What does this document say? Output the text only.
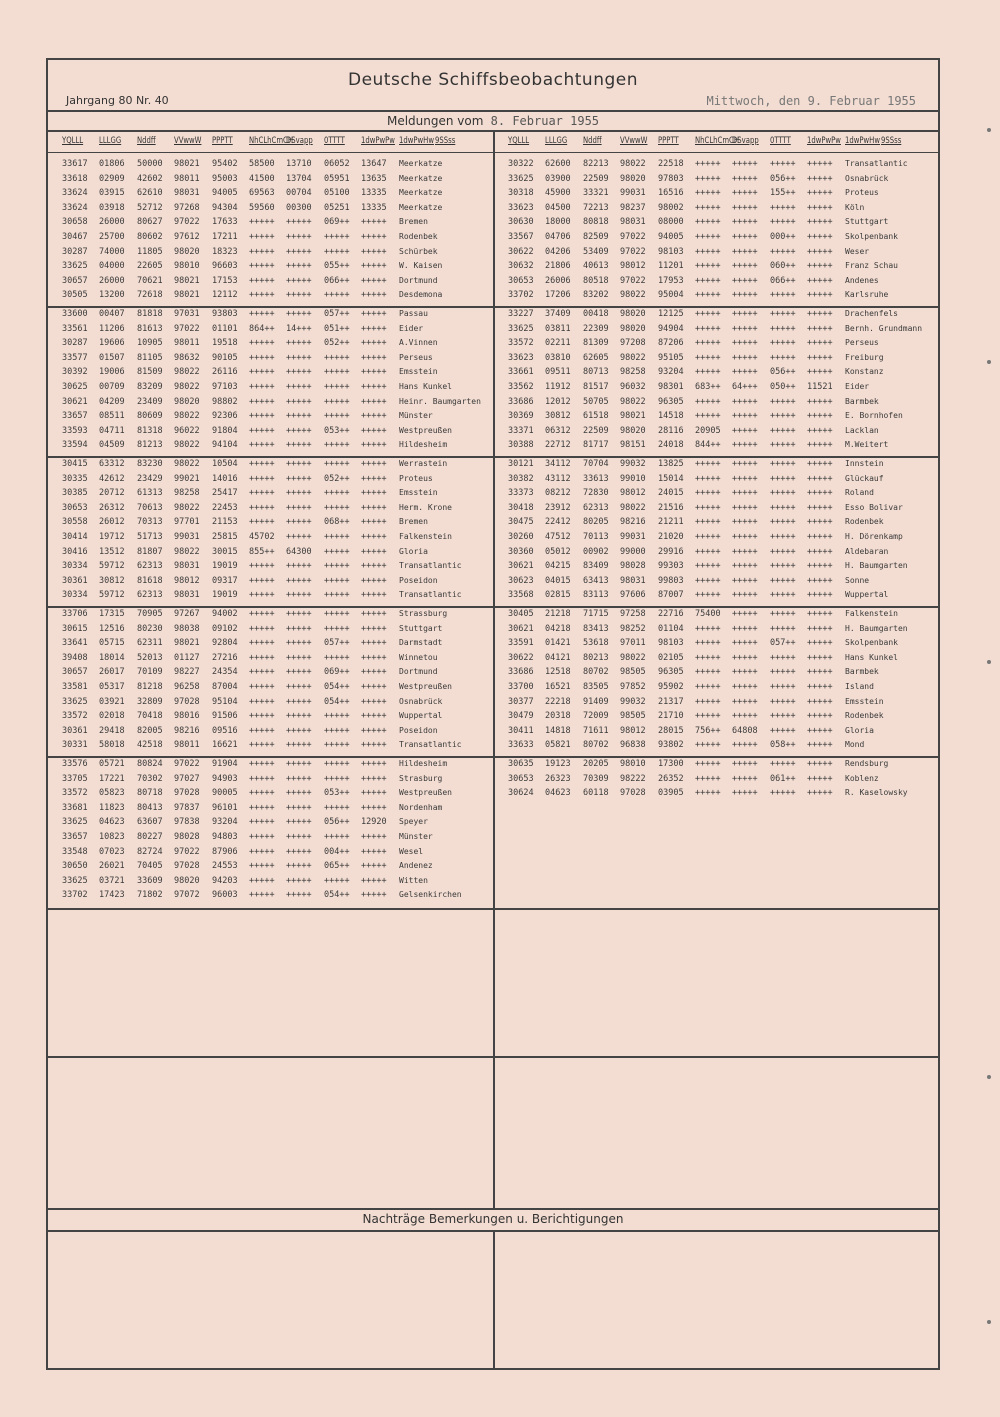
Deutsche Schiffsbeobachtungen
Jahrgang 80 Nr. 40	Mittwoch, den 9. Februar 1955
Meldungen vom 8. Februar 1955
Nachträge Bemerkungen u. Berichtigungen
YQLLL LLLGG Nddff VVwwW PPPTT NhCLhCmCH
DSvapp 0TTTT 1dwPwPw 1dwPwHw 9SSss	YQLLL LLLGG Nddff VVwwW PPPTT NhCLhCmCH
DSvapp 0TTTT 1dwPwPw 1dwPwHw 9SSss
33617 01806 50000 98021 95402 58500 13710 06052 13647 Meerkatze
33618 02909 42602 98011 95003 41500 13704 05951 13635 Meerkatze
33624 03915 62610 98031 94005 69563 00704 05100 13335 Meerkatze
33624 03918 52712 97268 94304 59560 00300 05251 13335 Meerkatze
30658 26000 80627 97022 17633 +++++ +++++ 069++ +++++ Bremen
30467 25700 80602 97612 17211 +++++ +++++ +++++ +++++ Rodenbek
30287 74000 11805 98020 18323 +++++ +++++ +++++ +++++ Schürbek
33625 04000 22605 98010 96603 +++++ +++++ 055++ +++++ W. Kaisen
30657 26000 70621 98021 17153 +++++ +++++ 066++ +++++ Dortmund
30505 13200 72618 98021 12112 +++++ +++++ +++++ +++++ Desdemona
33600 00407 81818 97031 93803 +++++ +++++ 057++ +++++ Passau
33561 11206 81613 97022 01101 864++ 14+++ 051++ +++++ Eider
30287 19606 10905 98011 19518 +++++ +++++ 052++ +++++ A.Vinnen
33577 01507 81105 98632 90105 +++++ +++++ +++++ +++++ Perseus
30392 19006 81509 98022 26116 +++++ +++++ +++++ +++++ Emsstein
30625 00709 83209 98022 97103 +++++ +++++ +++++ +++++ Hans Kunkel
30621 04209 23409 98020 98802 +++++ +++++ +++++ +++++ Heinr. Baumgarten
33657 08511 80609 98022 92306 +++++ +++++ +++++ +++++ Münster
33593 04711 81318 96022 91804 +++++ +++++ 053++ +++++ Westpreußen
33594 04509 81213 98022 94104 +++++ +++++ +++++ +++++ Hildesheim
30415 63312 83230 98022 10504 +++++ +++++ +++++ +++++ Werrastein
30335 42612 23429 99021 14016 +++++ +++++ 052++ +++++ Proteus
30385 20712 61313 98258 25417 +++++ +++++ +++++ +++++ Emsstein
30653 26312 70613 98022 22453 +++++ +++++ +++++ +++++ Herm. Krone
30558 26012 70313 97701 21153 +++++ +++++ 068++ +++++ Bremen
30414 19712 51713 99031 25815 45702 +++++ +++++ +++++ Falkenstein
30416 13512 81807 98022 30015 855++ 64300 +++++ +++++ Gloria
30334 59712 62313 98031 19019 +++++ +++++ +++++ +++++ Transatlantic
30361 30812 81618 98012 09317 +++++ +++++ +++++ +++++ Poseidon
30334 59712 62313 98031 19019 +++++ +++++ +++++ +++++ Transatlantic
33706 17315 70905 97267 94002 +++++ +++++ +++++ +++++ Strassburg
30615 12516 80230 98038 09102 +++++ +++++ +++++ +++++ Stuttgart
33641 05715 62311 98021 92804 +++++ +++++ 057++ +++++ Darmstadt
39408 18014 52013 01127 27216 +++++ +++++ +++++ +++++ Winnetou
30657 26017 70109 98227 24354 +++++ +++++ 069++ +++++ Dortmund
33581 05317 81218 96258 87004 +++++ +++++ 054++ +++++ Westpreußen
33625 03921 32809 97028 95104 +++++ +++++ 054++ +++++ Osnabrück
33572 02018 70418 98016 91506 +++++ +++++ +++++ +++++ Wuppertal
30361 29418 82005 98216 09516 +++++ +++++ +++++ +++++ Poseidon
30331 58018 42518 98011 16621 +++++ +++++ +++++ +++++ Transatlantic
33576 05721 80824 97022 91904 +++++ +++++ +++++ +++++ Hildesheim
33705 17221 70302 97027 94903 +++++ +++++ +++++ +++++ Strasburg
33572 05823 80718 97028 90005 +++++ +++++ 053++ +++++ Westpreußen
33681 11823 80413 97837 96101 +++++ +++++ +++++ +++++ Nordenham
33625 04623 63607 97838 93204 +++++ +++++ 056++ 12920 Speyer
33657 10823 80227 98028 94803 +++++ +++++ +++++ +++++ Münster
33548 07023 82724 97022 87906 +++++ +++++ 004++ +++++ Wesel
30650 26021 70405 97028 24553 +++++ +++++ 065++ +++++ Andenez
33625 03721 33609 98020 94203 +++++ +++++ +++++ +++++ Witten
33702 17423 71802 97072 96003 +++++ +++++ 054++ +++++ Gelsenkirchen
30322 62600 82213 98022 22518 +++++ +++++ +++++ +++++ Transatlantic
33625 03900 22509 98020 97803 +++++ +++++ 056++ +++++ Osnabrück
30318 45900 33321 99031 16516 +++++ +++++ 155++ +++++ Proteus
33623 04500 72213 98237 98002 +++++ +++++ +++++ +++++ Köln
30630 18000 80818 98031 08000 +++++ +++++ +++++ +++++ Stuttgart
33567 04706 82509 97022 94005 +++++ +++++ 000++ +++++ Skolpenbank
30622 04206 53409 97022 98103 +++++ +++++ +++++ +++++ Weser
30632 21806 40613 98012 11201 +++++ +++++ 060++ +++++ Franz Schau
30653 26006 80518 97022 17953 +++++ +++++ 066++ +++++ Andenes
33702 17206 83202 98022 95004 +++++ +++++ +++++ +++++ Karlsruhe
33227 37409 00418 98020 12125 +++++ +++++ +++++ +++++ Drachenfels
33625 03811 22309 98020 94904 +++++ +++++ +++++ +++++ Bernh. Grundmann
33572 02211 81309 97208 87206 +++++ +++++ +++++ +++++ Perseus
33623 03810 62605 98022 95105 +++++ +++++ +++++ +++++ Freiburg
33661 09511 80713 98258 93204 +++++ +++++ 056++ +++++ Konstanz
33562 11912 81517 96032 98301 683++ 64+++ 050++ 11521 Eider
33686 12012 50705 98022 96305 +++++ +++++ +++++ +++++ Barmbek
30369 30812 61518 98021 14518 +++++ +++++ +++++ +++++ E. Bornhofen
33371 06312 22509 98020 28116 20905 +++++ +++++ +++++ Lacklan
30388 22712 81717 98151 24018 844++ +++++ +++++ +++++ M.Weitert
30121 34112 70704 99032 13825 +++++ +++++ +++++ +++++ Innstein
30382 43112 33613 99010 15014 +++++ +++++ +++++ +++++ Glückauf
33373 08212 72830 98012 24015 +++++ +++++ +++++ +++++ Roland
30418 23912 62313 98022 21516 +++++ +++++ +++++ +++++ Esso Bolivar
30475 22412 80205 98216 21211 +++++ +++++ +++++ +++++ Rodenbek
30260 47512 70113 99031 21020 +++++ +++++ +++++ +++++ H. Dörenkamp
30360 05012 00902 99000 29916 +++++ +++++ +++++ +++++ Aldebaran
30621 04215 83409 98028 99303 +++++ +++++ +++++ +++++ H. Baumgarten
30623 04015 63413 98031 99803 +++++ +++++ +++++ +++++ Sonne
33568 02815 83113 97606 87007 +++++ +++++ +++++ +++++ Wuppertal
30405 21218 71715 97258 22716 75400 +++++ +++++ +++++ Falkenstein
30621 04218 83413 98252 01104 +++++ +++++ +++++ +++++ H. Baumgarten
33591 01421 53618 97011 98103 +++++ +++++ 057++ +++++ Skolpenbank
30622 04121 80213 98022 02105 +++++ +++++ +++++ +++++ Hans Kunkel
33686 12518 80702 98505 96305 +++++ +++++ +++++ +++++ Barmbek
33700 16521 83505 97852 95902 +++++ +++++ +++++ +++++ Island
30377 22218 91409 99032 21317 +++++ +++++ +++++ +++++ Emsstein
30479 20318 72009 98505 21710 +++++ +++++ +++++ +++++ Rodenbek
30411 14818 71611 98012 28015 756++ 64808 +++++ +++++ Gloria
33633 05821 80702 96838 93802 +++++ +++++ 058++ +++++ Mond
30635 19123 20205 98010 17300 +++++ +++++ +++++ +++++ Rendsburg
30653 26323 70309 98222 26352 +++++ +++++ 061++ +++++ Koblenz
30624 04623 60118 97028 03905 +++++ +++++ +++++ +++++ R. Kaselowsky
